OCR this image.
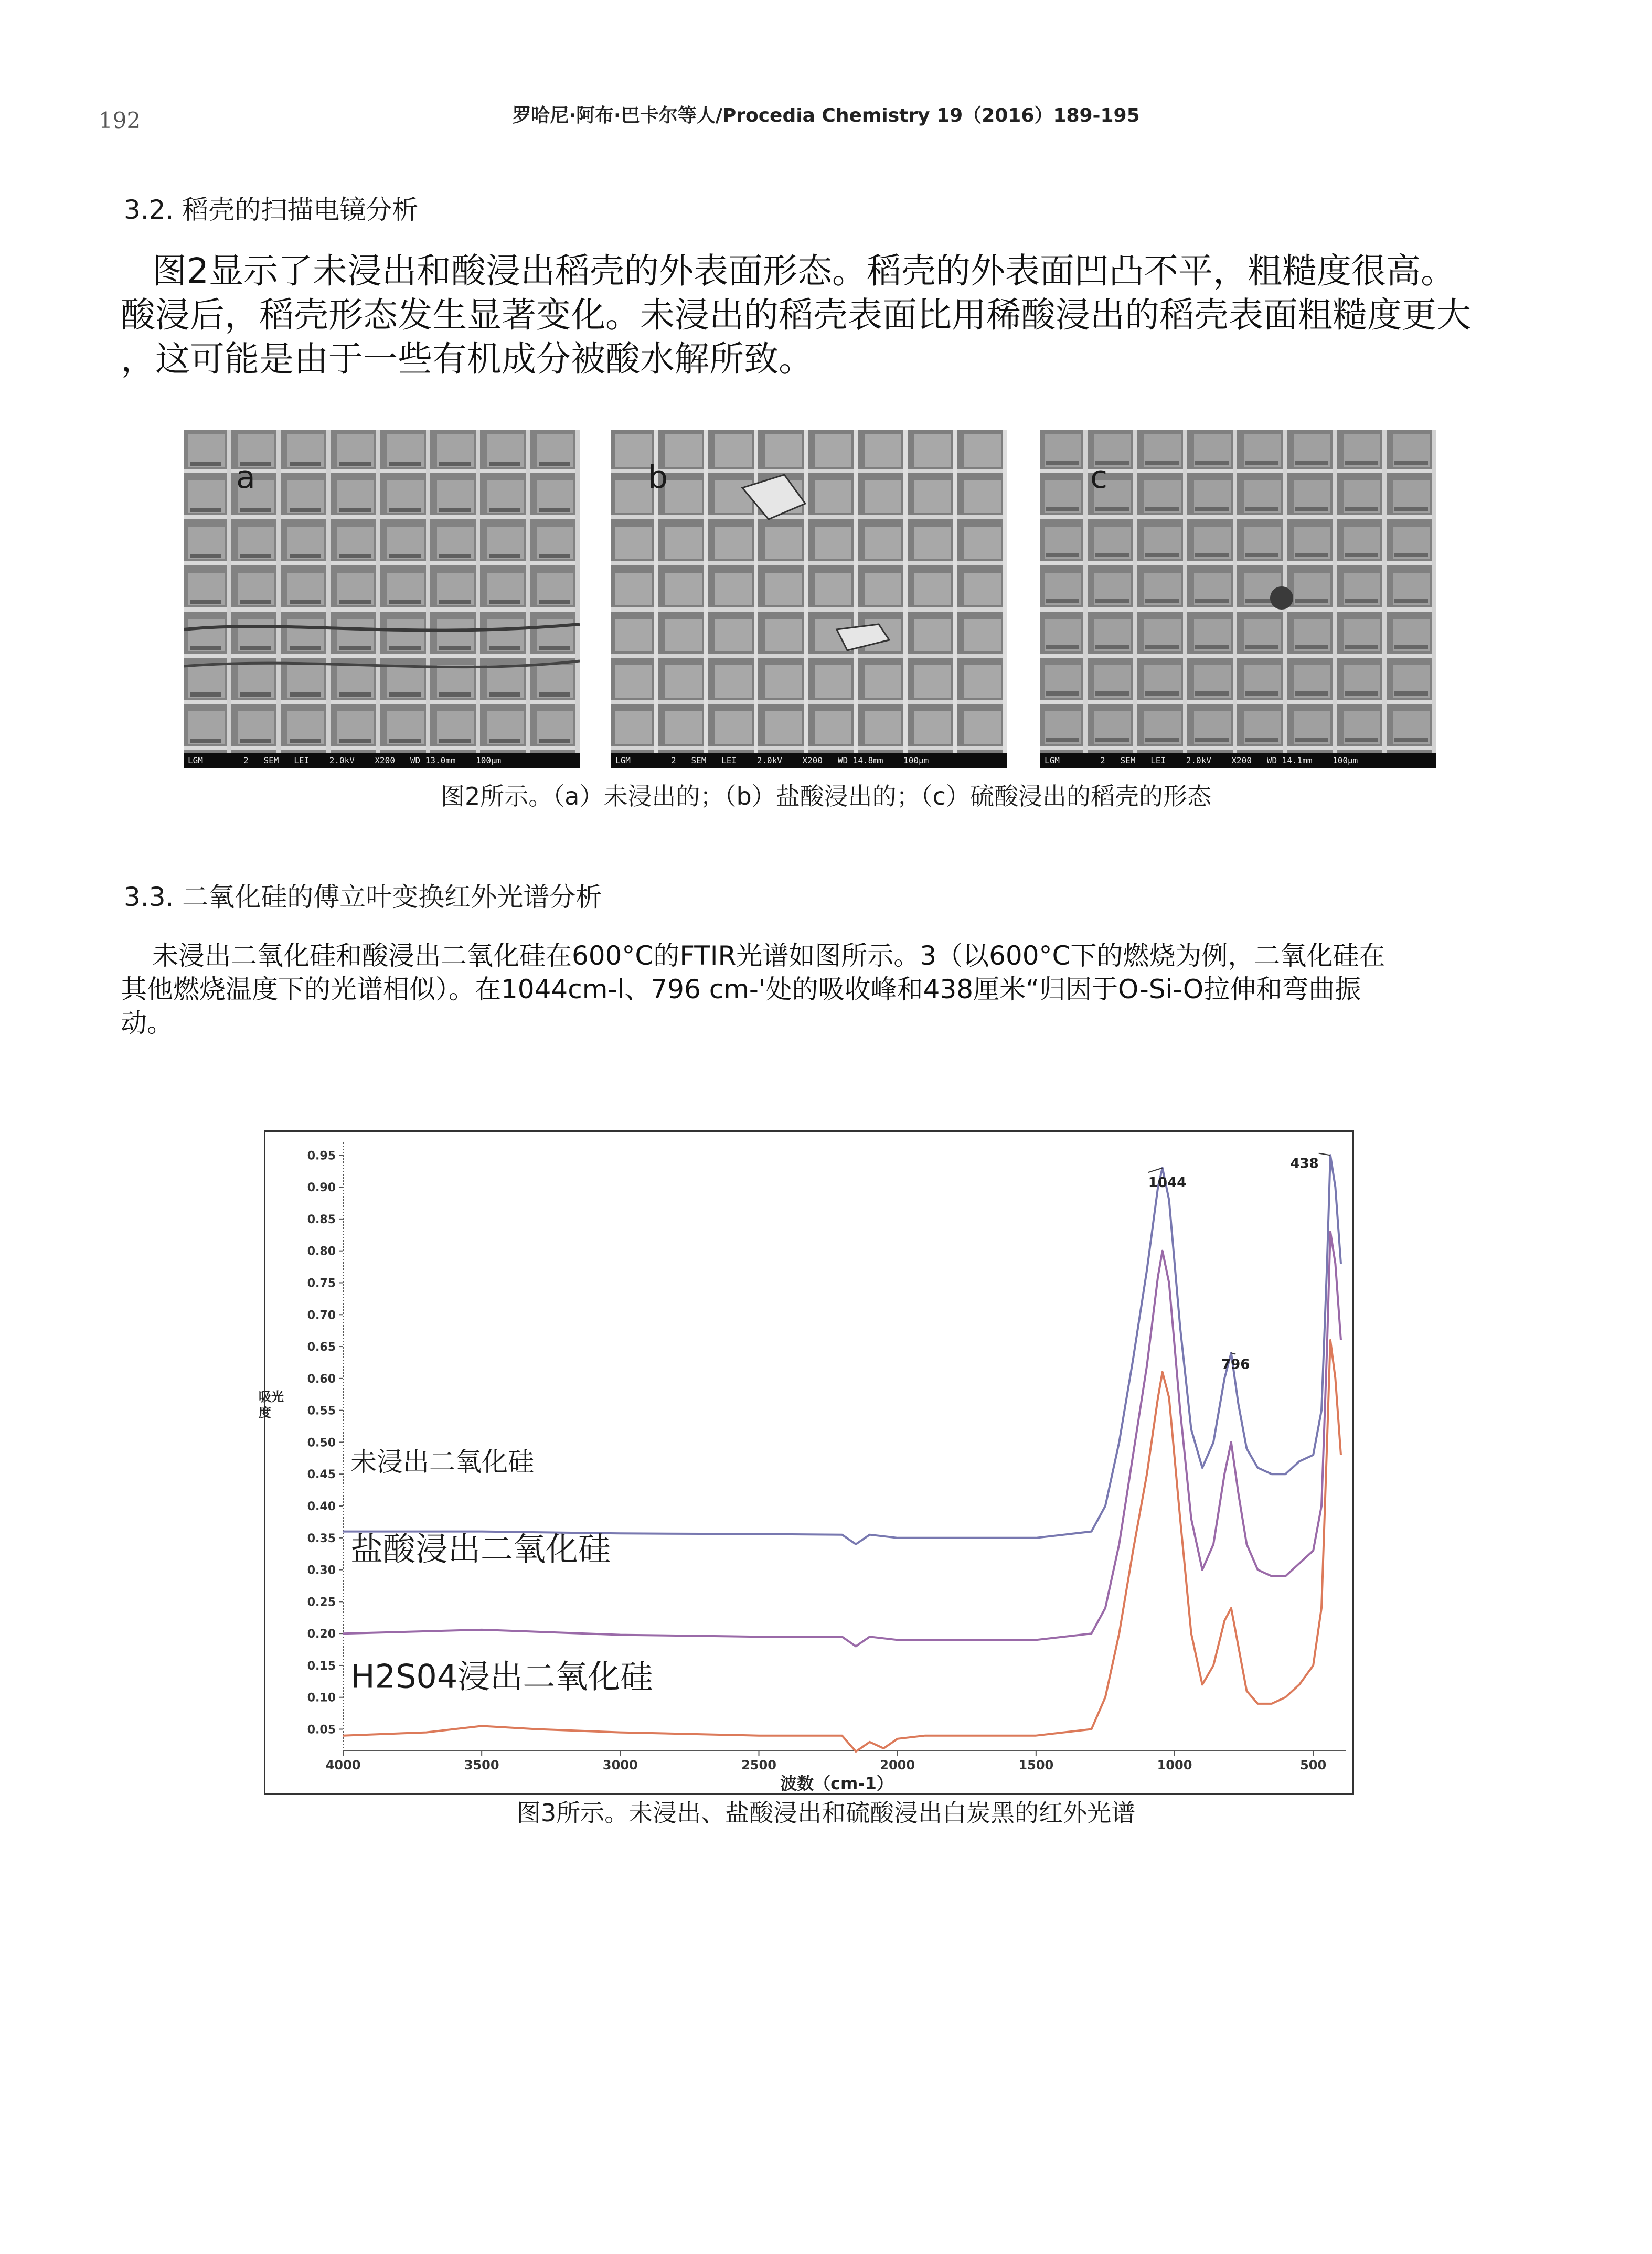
192	罗哈尼·阿布·巴卡尔等人/Procedia Chemistry 19（2016）189-195
3.2. 稻壳的扫描电镜分析
图2显示了未浸出和酸浸出稻壳的外表面形态。稻壳的外表面凹凸不平，粗糙度很高。
酸浸后，稻壳形态发生显著变化。未浸出的稻壳表面比用稀酸浸出的稻壳表面粗糙度更大
，这可能是由于一些有机成分被酸水解所致。
a
LGM        2   SEM   LEI    2.0kV    X200   WD 13.0mm    100µm
b
LGM        2   SEM   LEI    2.0kV    X200   WD 14.8mm    100µm
c
LGM        2   SEM   LEI    2.0kV    X200   WD 14.1mm    100µm
图2所示。（a）未浸出的；（b）盐酸浸出的；（c）硫酸浸出的稻壳的形态
3.3. 二氧化硅的傅立叶变换红外光谱分析
未浸出二氧化硅和酸浸出二氧化硅在600°C的FTIR光谱如图所示。3（以600°C下的燃烧为例，二氧化硅在
其他燃烧温度下的光谱相似）。在1044cm-l、796 cm-'处的吸收峰和438厘米“归因于O-Si-O拉伸和弯曲振
动。
0.95
0.90
0.85
0.80
0.75
0.70
0.65
0.60
0.55
0.50
0.45
0.40
0.35
0.30
0.25
0.20
0.15
0.10
0.05
4000	3500	3000	2500	2000	1500	1000	500
波数（cm-1）
未浸出二氧化硅
盐酸浸出二氧化硅
H2S04浸出二氧化硅
1044
796
438
吸光度
图3所示。未浸出、盐酸浸出和硫酸浸出白炭黑的红外光谱
